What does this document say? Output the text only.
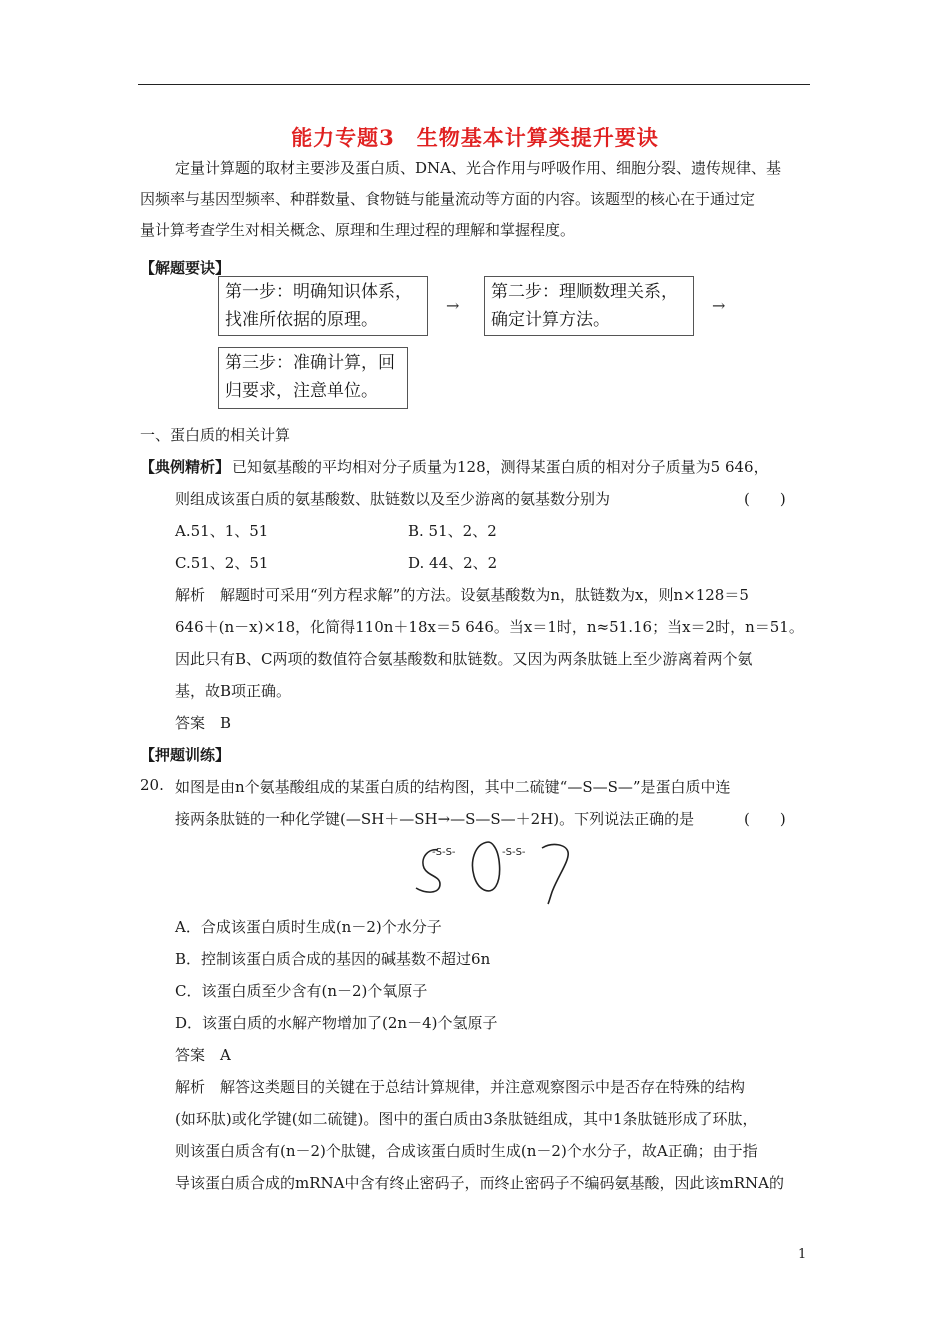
能力专题3　生物基本计算类提升要诀
定量计算题的取材主要涉及蛋白质、DNA、光合作用与呼吸作用、细胞分裂、遗传规律、基
因频率与基因型频率、种群数量、食物链与能量流动等方面的内容。该题型的核心在于通过定
量计算考查学生对相关概念、原理和生理过程的理解和掌握程度。
【解题要诀】
第一步：明确知识体系，
找准所依据的原理。
→
第二步：理顺数理关系，
确定计算方法。
→
第三步：准确计算，回
归要求，注意单位。
一、蛋白质的相关计算
【典例精析】 已知氨基酸的平均相对分子质量为128，测得某蛋白质的相对分子质量为5 646，
则组成该蛋白质的氨基酸数、肽链数以及至少游离的氨基数分别为	(　　)
A.51、1、51	B. 51、2、2
C.51、2、51	D. 44、2、2
解析　解题时可采用“列方程求解”的方法。设氨基酸数为n，肽链数为x，则n×128＝5
646＋(n－x)×18，化简得110n＋18x＝5 646。当x＝1时，n≈51.16；当x＝2时，n＝51。
因此只有B、C两项的数值符合氨基酸数和肽链数。又因为两条肽链上至少游离着两个氨
基，故B项正确。
答案　B
【押题训练】
20. 如图是由n个氨基酸组成的某蛋白质的结构图，其中二硫键“—S—S—”是蛋白质中连
接两条肽链的一种化学键(—SH＋—SH→—S—S—＋2H)。下列说法正确的是	(　　)
-S-S-	-S-S-
A．合成该蛋白质时生成(n－2)个水分子
B．控制该蛋白质合成的基因的碱基数不超过6n
C．该蛋白质至少含有(n－2)个氧原子
D．该蛋白质的水解产物增加了(2n－4)个氢原子
答案　A
解析　解答这类题目的关键在于总结计算规律，并注意观察图示中是否存在特殊的结构
(如环肽)或化学键(如二硫键)。图中的蛋白质由3条肽链组成，其中1条肽链形成了环肽，
则该蛋白质含有(n－2)个肽键，合成该蛋白质时生成(n－2)个水分子，故A正确；由于指
导该蛋白质合成的mRNA中含有终止密码子，而终止密码子不编码氨基酸，因此该mRNA的
1
